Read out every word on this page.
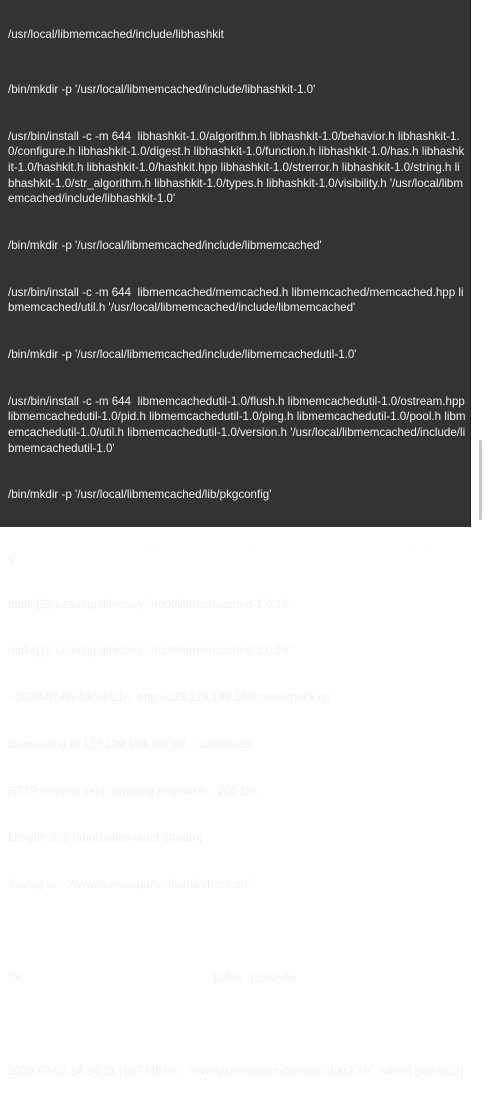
/usr/local/libmemcached/include/libhashkit

/bin/mkdir -p '/usr/local/libmemcached/include/libhashkit-1.0'

/usr/bin/install -c -m 644  libhashkit-1.0/algorithm.h libhashkit-1.0/behavior.h libhashkit-1.0/configure.h libhashkit-1.0/digest.h libhashkit-1.0/function.h libhashkit-1.0/has.h libhashkit-1.0/hashkit.h libhashkit-1.0/hashkit.hpp libhashkit-1.0/strerror.h libhashkit-1.0/string.h libhashkit-1.0/str_algorithm.h libhashkit-1.0/types.h libhashkit-1.0/visibility.h '/usr/local/libmemcached/include/libhashkit-1.0'

/bin/mkdir -p '/usr/local/libmemcached/include/libmemcached'

/usr/bin/install -c -m 644  libmemcached/memcached.h libmemcached/memcached.hpp libmemcached/util.h '/usr/local/libmemcached/include/libmemcached'

/bin/mkdir -p '/usr/local/libmemcached/include/libmemcachedutil-1.0'

/usr/bin/install -c -m 644  libmemcachedutil-1.0/flush.h libmemcachedutil-1.0/ostream.hpp libmemcachedutil-1.0/pid.h libmemcachedutil-1.0/ping.h libmemcachedutil-1.0/pool.h libmemcachedutil-1.0/util.h libmemcachedutil-1.0/version.h '/usr/local/libmemcached/include/libmemcachedutil-1.0'

/bin/mkdir -p '/usr/local/libmemcached/lib/pkgconfig'

g'

make[2]: Leaving directory `/root/libmemcached-1.0.18'

make[1]: Leaving directory `/root/libmemcached-1.0.18'

--2020-07-06 14:34:21--  http://123.129.198.197/tools/check.sh

Connecting to 123.129.198.197:80... connected.

HTTP request sent, awaiting response... 200 OK

Length: 565 [application/octet-stream]

Saving to:  “/www/server/panel/install/check.sh”

0K                                                           100%  107M=0s

2020-07-06 14:34:21 (107 MB/s) -  “/www/server/panel/install/check.sh”  saved [565/565]
